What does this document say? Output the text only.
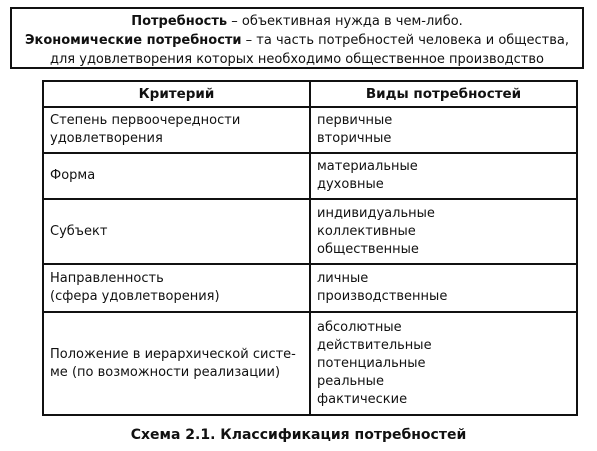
Потребность – объективная нужда в чем-либо.
Экономические потребности – та часть потребностей человека и общества,
для удовлетворения которых необходимо общественное производство
Критерий	Виды потребностей
Степень первоочередности
удовлетворения	первичные
вторичные
Форма	материальные
духовные
Субъект	индивидуальные
коллективные
общественные
Направленность
(сфера удовлетворения)	личные
производственные
Положение в иерархической систе-
ме (по возможности реализации)	абсолютные
действительные
потенциальные
реальные
фактические
Схема 2.1. Классификация потребностей
